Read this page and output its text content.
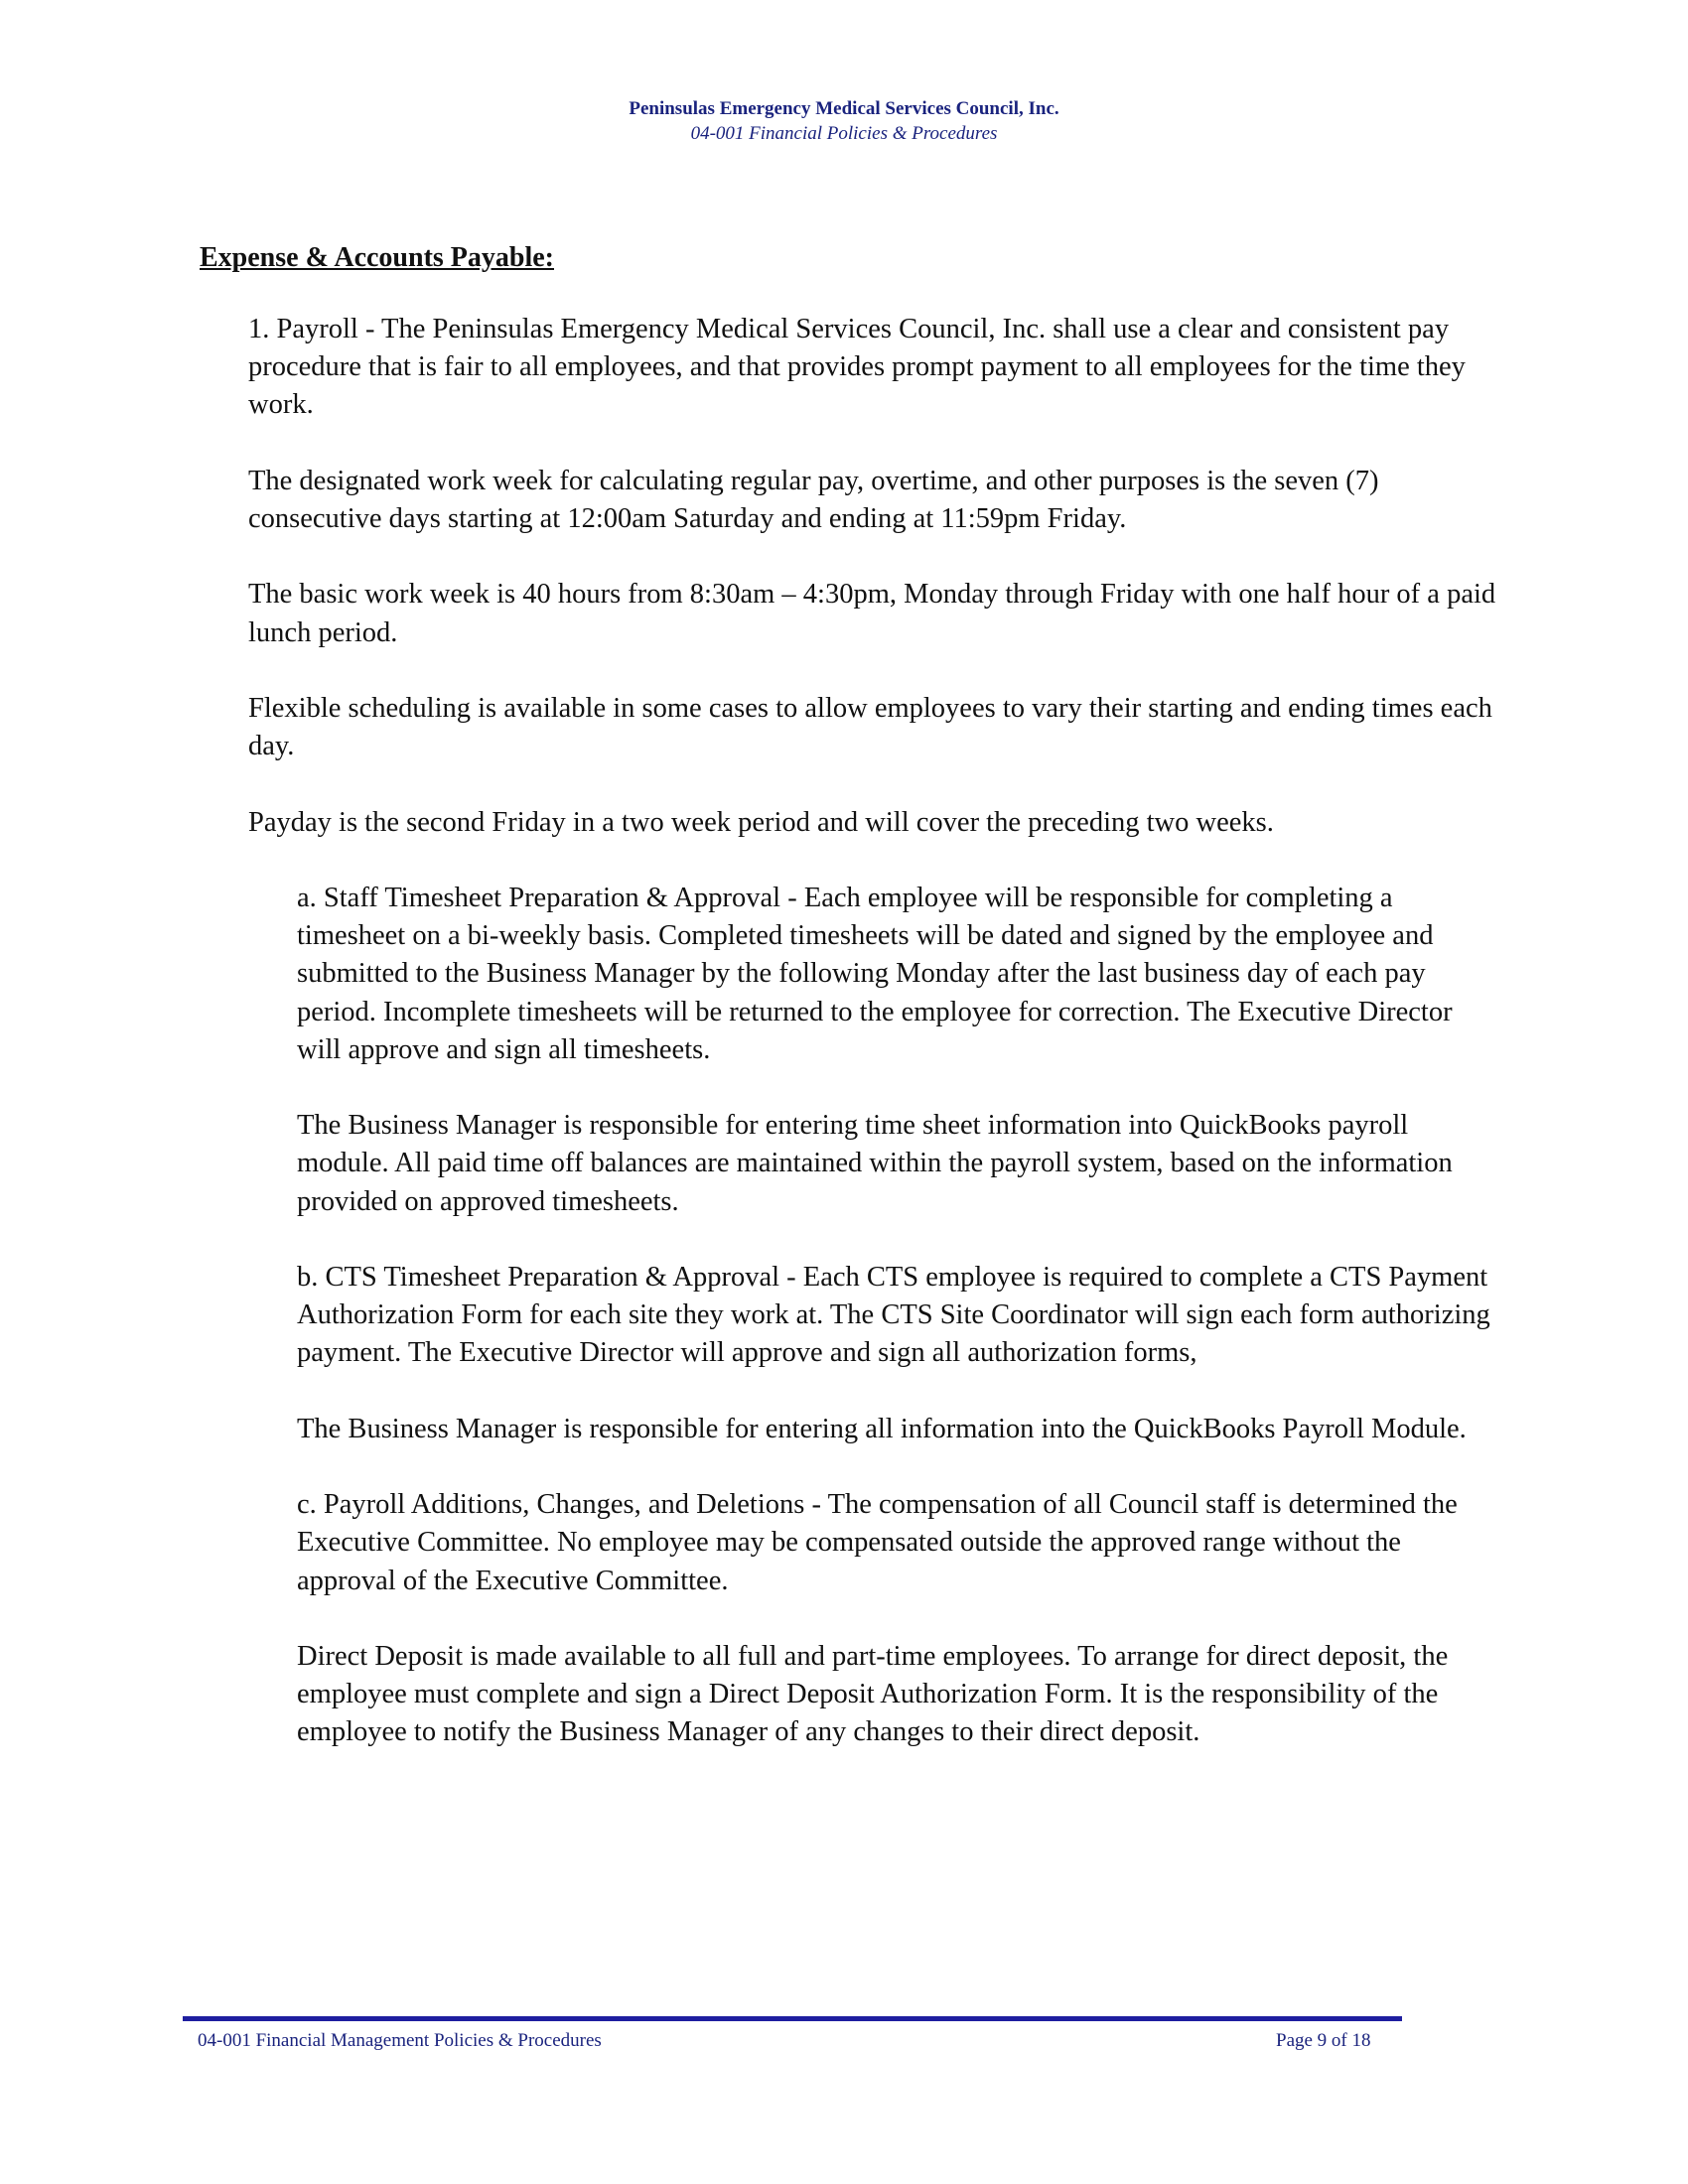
Peninsulas Emergency Medical Services Council, Inc.
04-001 Financial Policies & Procedures
Expense & Accounts Payable:

1. Payroll - The Peninsulas Emergency Medical Services Council, Inc. shall use a clear and consistent pay procedure that is fair to all employees, and that provides prompt payment to all employees for the time they work.

The designated work week for calculating regular pay, overtime, and other purposes is the seven (7) consecutive days starting at 12:00am Saturday and ending at 11:59pm Friday.

The basic work week is 40 hours from 8:30am – 4:30pm, Monday through Friday with one half hour of a paid lunch period.

Flexible scheduling is available in some cases to allow employees to vary their starting and ending times each day.

Payday is the second Friday in a two week period and will cover the preceding two weeks.

a. Staff Timesheet Preparation & Approval - Each employee will be responsible for completing a timesheet on a bi-weekly basis. Completed timesheets will be dated and signed by the employee and submitted to the Business Manager by the following Monday after the last business day of each pay period. Incomplete timesheets will be returned to the employee for correction. The Executive Director will approve and sign all timesheets.

The Business Manager is responsible for entering time sheet information into QuickBooks payroll module. All paid time off balances are maintained within the payroll system, based on the information provided on approved timesheets.

b. CTS Timesheet Preparation & Approval - Each CTS employee is required to complete a CTS Payment Authorization Form for each site they work at. The CTS Site Coordinator will sign each form authorizing payment. The Executive Director will approve and sign all authorization forms,

The Business Manager is responsible for entering all information into the QuickBooks Payroll Module.

c. Payroll Additions, Changes, and Deletions - The compensation of all Council staff is determined the Executive Committee. No employee may be compensated outside the approved range without the approval of the Executive Committee.

Direct Deposit is made available to all full and part-time employees. To arrange for direct deposit, the employee must complete and sign a Direct Deposit Authorization Form. It is the responsibility of the employee to notify the Business Manager of any changes to their direct deposit.

04-001 Financial Management Policies & Procedures	Page 9 of 18
